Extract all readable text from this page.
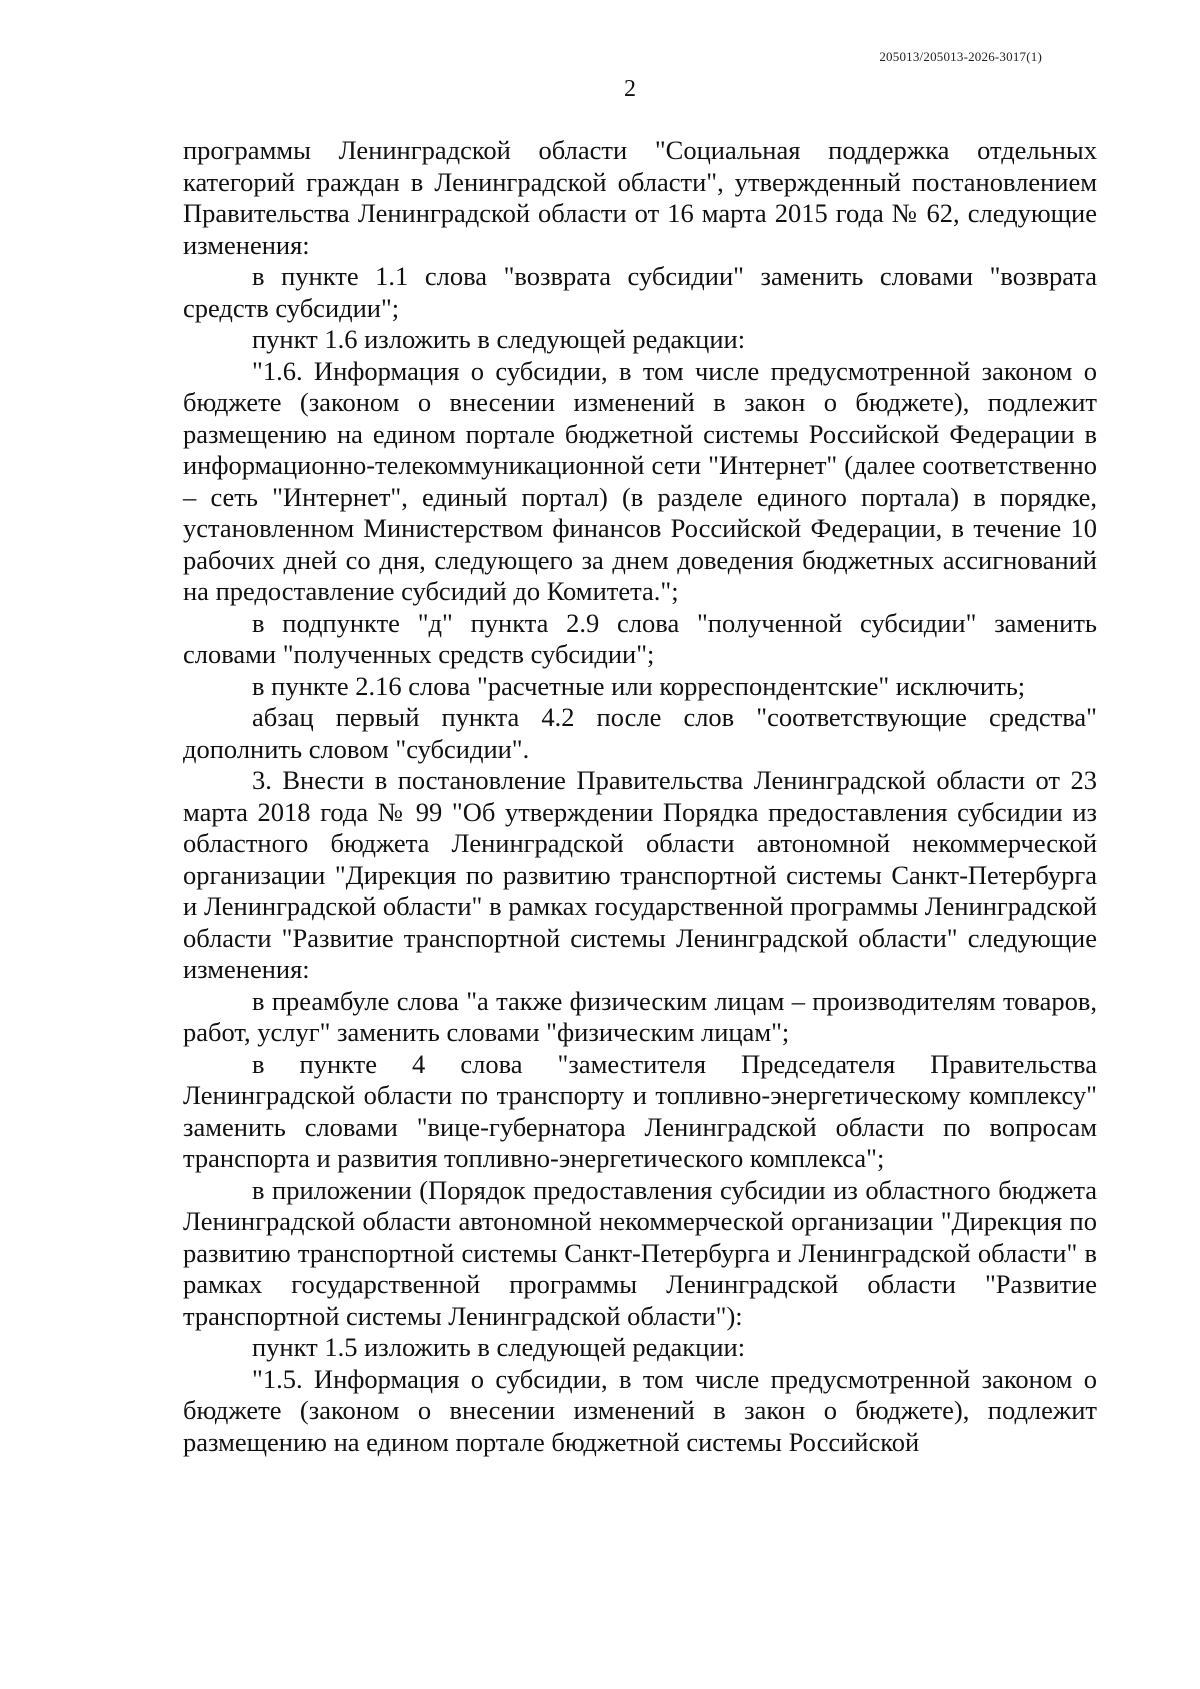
205013/205013-2026-3017(1)
2

программы Ленинградской области "Социальная поддержка отдельных категорий граждан в Ленинградской области", утвержденный постановлением Правительства Ленинградской области от 16 марта 2015 года № 62, следующие изменения:

в пункте 1.1 слова "возврата субсидии" заменить словами "возврата средств субсидии";

пункт 1.6 изложить в следующей редакции:

"1.6. Информация о субсидии, в том числе предусмотренной законом о бюджете (законом о внесении изменений в закон о бюджете), подлежит размещению на едином портале бюджетной системы Российской Федерации в информационно-телекоммуникационной сети "Интернет" (далее соответственно – сеть "Интернет", единый портал) (в разделе единого портала) в порядке, установленном Министерством финансов Российской Федерации, в течение 10 рабочих дней со дня, следующего за днем доведения бюджетных ассигнований на предоставление субсидий до Комитета.";

в подпункте "д" пункта 2.9 слова "полученной субсидии" заменить словами "полученных средств субсидии";

в пункте 2.16 слова "расчетные или корреспондентские" исключить;

абзац первый пункта 4.2 после слов "соответствующие средства" дополнить словом "субсидии".

3. Внести в постановление Правительства Ленинградской области от 23 марта 2018 года № 99 "Об утверждении Порядка предоставления субсидии из областного бюджета Ленинградской области автономной некоммерческой организации "Дирекция по развитию транспортной системы Санкт-Петербурга и Ленинградской области" в рамках государственной программы Ленинградской области "Развитие транспортной системы Ленинградской области" следующие изменения:

в преамбуле слова "а также физическим лицам – производителям товаров, работ, услуг" заменить словами "физическим лицам";

в пункте 4 слова "заместителя Председателя Правительства Ленинградской области по транспорту и топливно-энергетическому комплексу" заменить словами "вице-губернатора Ленинградской области по вопросам транспорта и развития топливно-энергетического комплекса";

в приложении (Порядок предоставления субсидии из областного бюджета Ленинградской области автономной некоммерческой организации "Дирекция по развитию транспортной системы Санкт-Петербурга и Ленинградской области" в рамках государственной программы Ленинградской области "Развитие транспортной системы Ленинградской области"):

пункт 1.5 изложить в следующей редакции:

"1.5. Информация о субсидии, в том числе предусмотренной законом о бюджете (законом о внесении изменений в закон о бюджете), подлежит размещению на едином портале бюджетной системы Российской
